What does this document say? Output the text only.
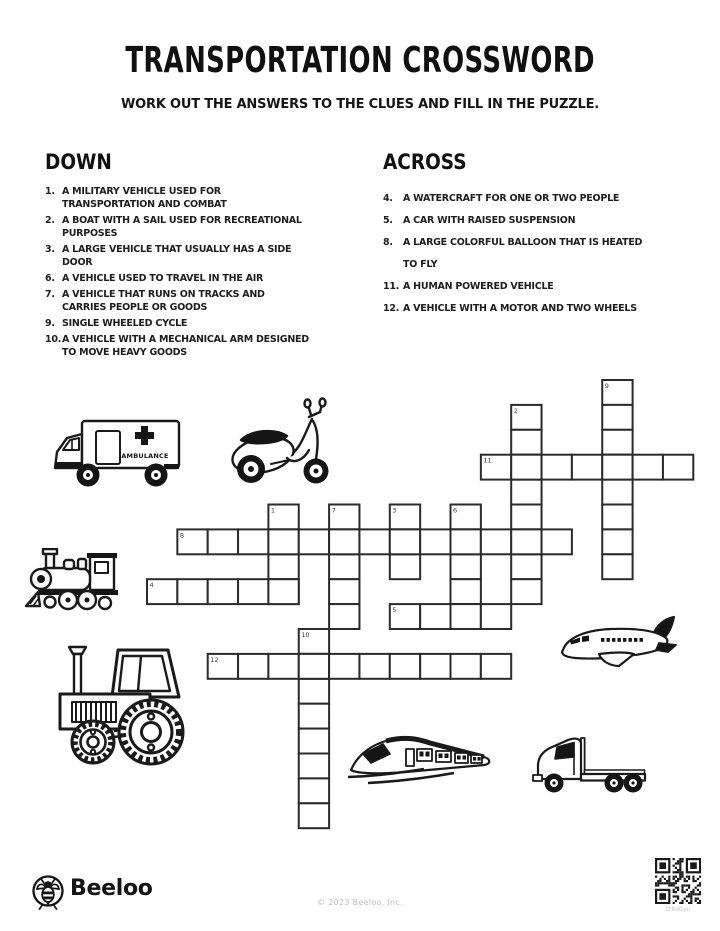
TRANSPORTATION CROSSWORD
WORK OUT THE ANSWERS TO THE CLUES AND FILL IN THE PUZZLE.
DOWN
1. A MILITARY VEHICLE USED FOR TRANSPORTATION AND COMBAT
2. A BOAT WITH A SAIL USED FOR RECREATIONAL PURPOSES
3. A LARGE VEHICLE THAT USUALLY HAS A SIDE DOOR
6. A VEHICLE USED TO TRAVEL IN THE AIR
7. A VEHICLE THAT RUNS ON TRACKS AND CARRIES PEOPLE OR GOODS
9. SINGLE WHEELED CYCLE
10. A VEHICLE WITH A MECHANICAL ARM DESIGNED TO MOVE HEAVY GOODS
ACROSS
4.	A WATERCRAFT FOR ONE OR TWO PEOPLE
5.	A CAR WITH RAISED SUSPENSION
8.	A LARGE COLORFUL BALLOON THAT IS HEATED TO FLY
11. A HUMAN POWERED VEHICLE
12. A VEHICLE WITH A MOTOR AND TWO WHEELS
9
2
11
1	7	3	6
8
4
5
10
12
AMBULANCE
Beeloo
© 2023 Beeloo, Inc.
LTRdGyn
